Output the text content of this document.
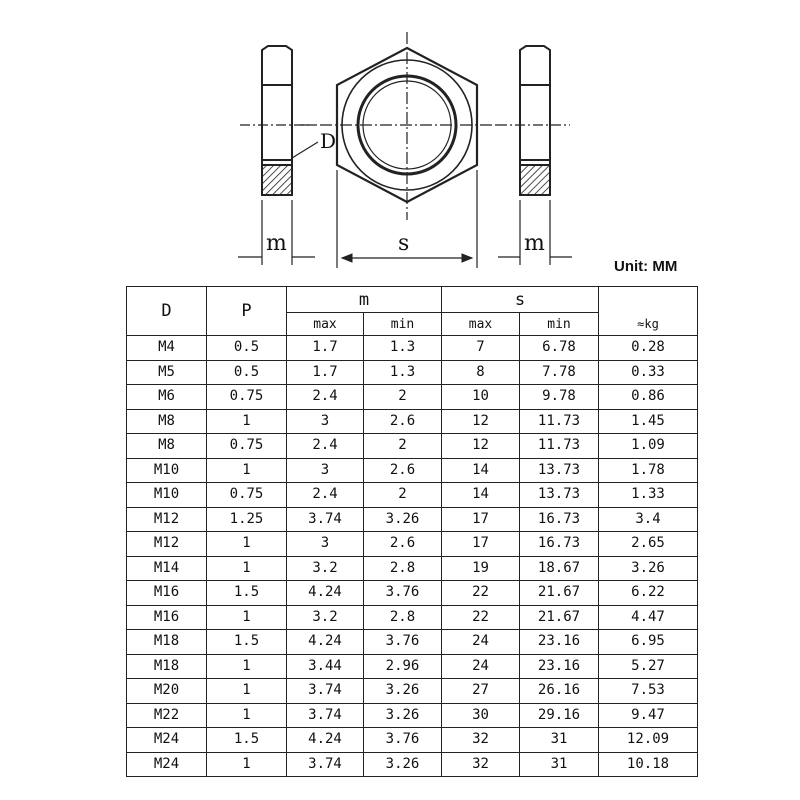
D
m	s	m
Unit: MM
D	P	m		s		≈kg
		max	min	max	min	
M4	0.5	1.7	1.3	7	6.78	0.28
M5	0.5	1.7	1.3	8	7.78	0.33
M6	0.75	2.4	2	10	9.78	0.86
M8	1	3	2.6	12	11.73	1.45
M8	0.75	2.4	2	12	11.73	1.09
M10	1	3	2.6	14	13.73	1.78
M10	0.75	2.4	2	14	13.73	1.33
M12	1.25	3.74	3.26	17	16.73	3.4
M12	1	3	2.6	17	16.73	2.65
M14	1	3.2	2.8	19	18.67	3.26
M16	1.5	4.24	3.76	22	21.67	6.22
M16	1	3.2	2.8	22	21.67	4.47
M18	1.5	4.24	3.76	24	23.16	6.95
M18	1	3.44	2.96	24	23.16	5.27
M20	1	3.74	3.26	27	26.16	7.53
M22	1	3.74	3.26	30	29.16	9.47
M24	1.5	4.24	3.76	32	31	12.09
M24	1	3.74	3.26	32	31	10.18
